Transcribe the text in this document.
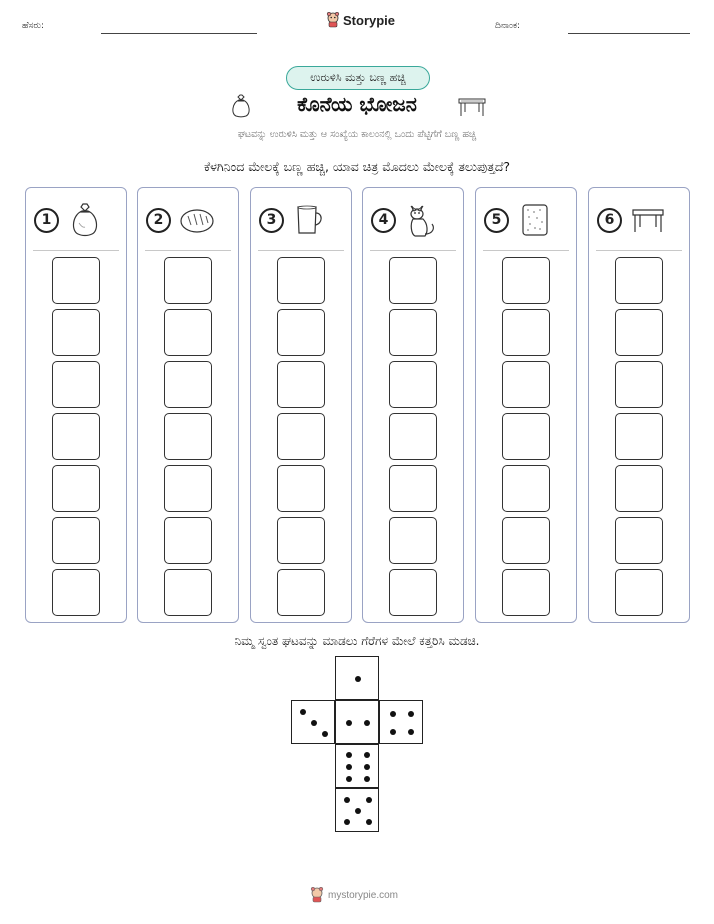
ಹೆಸರು:	Storypie	ದಿನಾಂಕ:
ಉರುಳಿಸಿ ಮತ್ತು ಬಣ್ಣ ಹಚ್ಚಿ
ಕೊನೆಯ ಭೋಜನ
ಘಟವನ್ನು ಉರುಳಿಸಿ ಮತ್ತು ಆ ಸಂಖ್ಯೆಯ ಕಾಲಂನಲ್ಲಿ ಒಂದು ಪೆಟ್ಟಿಗೆಗೆ ಬಣ್ಣ ಹಚ್ಚಿ
ಕೆಳಗಿನಿಂದ ಮೇಲಕ್ಕೆ ಬಣ್ಣ ಹಚ್ಚಿ, ಯಾವ ಚಿತ್ರ ಮೊದಲು ಮೇಲಕ್ಕೆ ತಲುಪುತ್ತದೆ?
1	2	3	4	5	6
ನಿಮ್ಮ ಸ್ವಂತ ಘಟವನ್ನು ಮಾಡಲು ಗೆರೆಗಳ ಮೇಲೆ ಕತ್ತರಿಸಿ ಮಡಚಿ.
mystorypie.com
